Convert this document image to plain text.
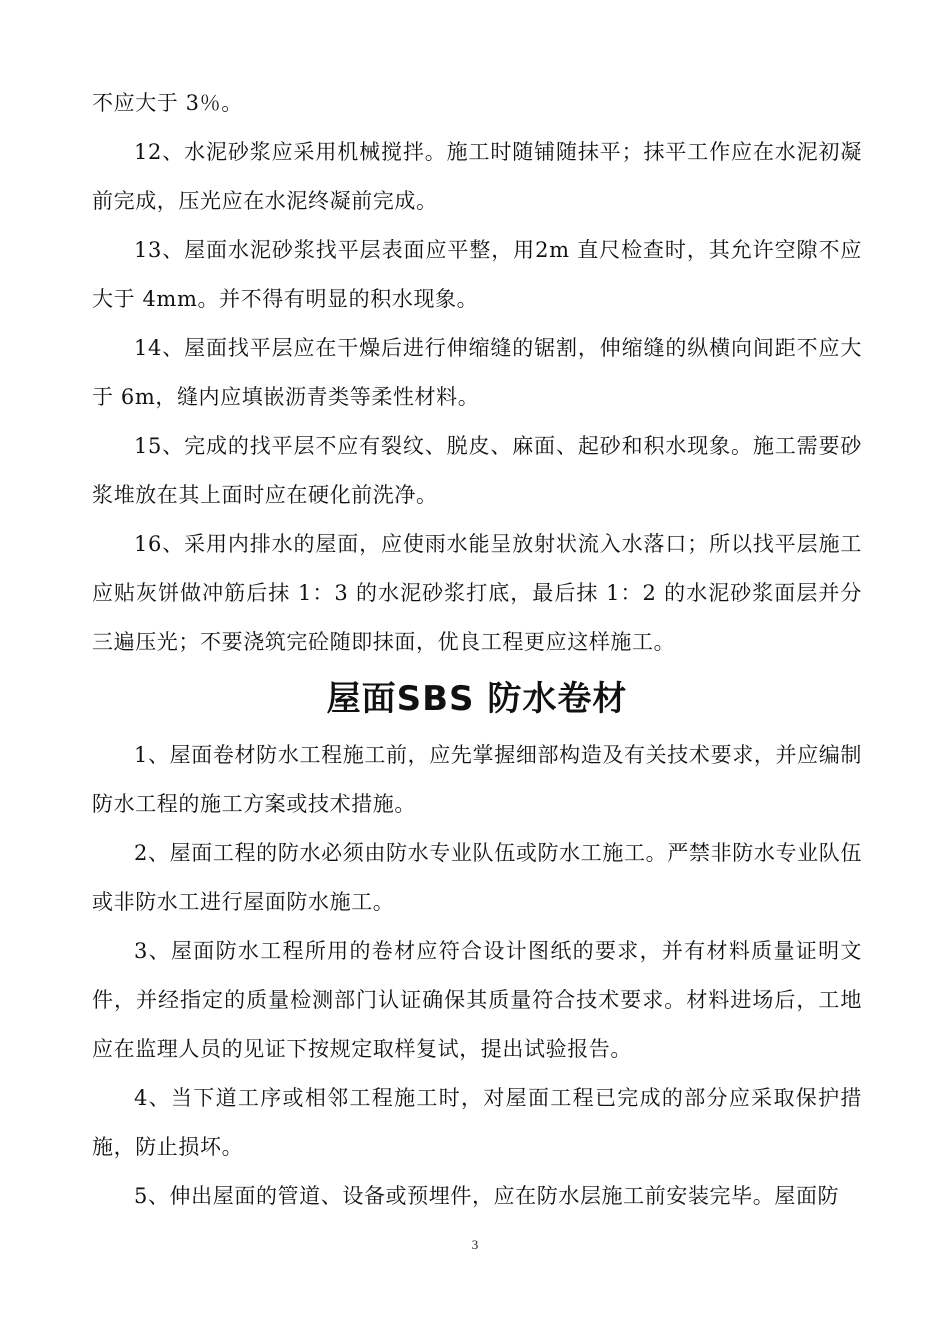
不应大于 3％。

12、水泥砂浆应采用机械搅拌。施工时随铺随抹平；抹平工作应在水泥初凝前完成，压光应在水泥终凝前完成。

13、屋面水泥砂浆找平层表面应平整，用2m 直尺检查时，其允许空隙不应大于 4mm。并不得有明显的积水现象。

14、屋面找平层应在干燥后进行伸缩缝的锯割，伸缩缝的纵横向间距不应大于 6m，缝内应填嵌沥青类等柔性材料。

15、完成的找平层不应有裂纹、脱皮、麻面、起砂和积水现象。施工需要砂浆堆放在其上面时应在硬化前洗净。

16、采用内排水的屋面，应使雨水能呈放射状流入水落口；所以找平层施工应贴灰饼做冲筋后抹 1：3 的水泥砂浆打底，最后抹 1：2 的水泥砂浆面层并分三遍压光；不要浇筑完砼随即抹面，优良工程更应这样施工。

屋面SBS 防水卷材

1、屋面卷材防水工程施工前，应先掌握细部构造及有关技术要求，并应编制防水工程的施工方案或技术措施。

2、屋面工程的防水必须由防水专业队伍或防水工施工。严禁非防水专业队伍或非防水工进行屋面防水施工。

3、屋面防水工程所用的卷材应符合设计图纸的要求，并有材料质量证明文件，并经指定的质量检测部门认证确保其质量符合技术要求。材料进场后，工地应在监理人员的见证下按规定取样复试，提出试验报告。

4、当下道工序或相邻工程施工时，对屋面工程已完成的部分应采取保护措施，防止损坏。

5、伸出屋面的管道、设备或预埋件，应在防水层施工前安装完毕。屋面防

3
